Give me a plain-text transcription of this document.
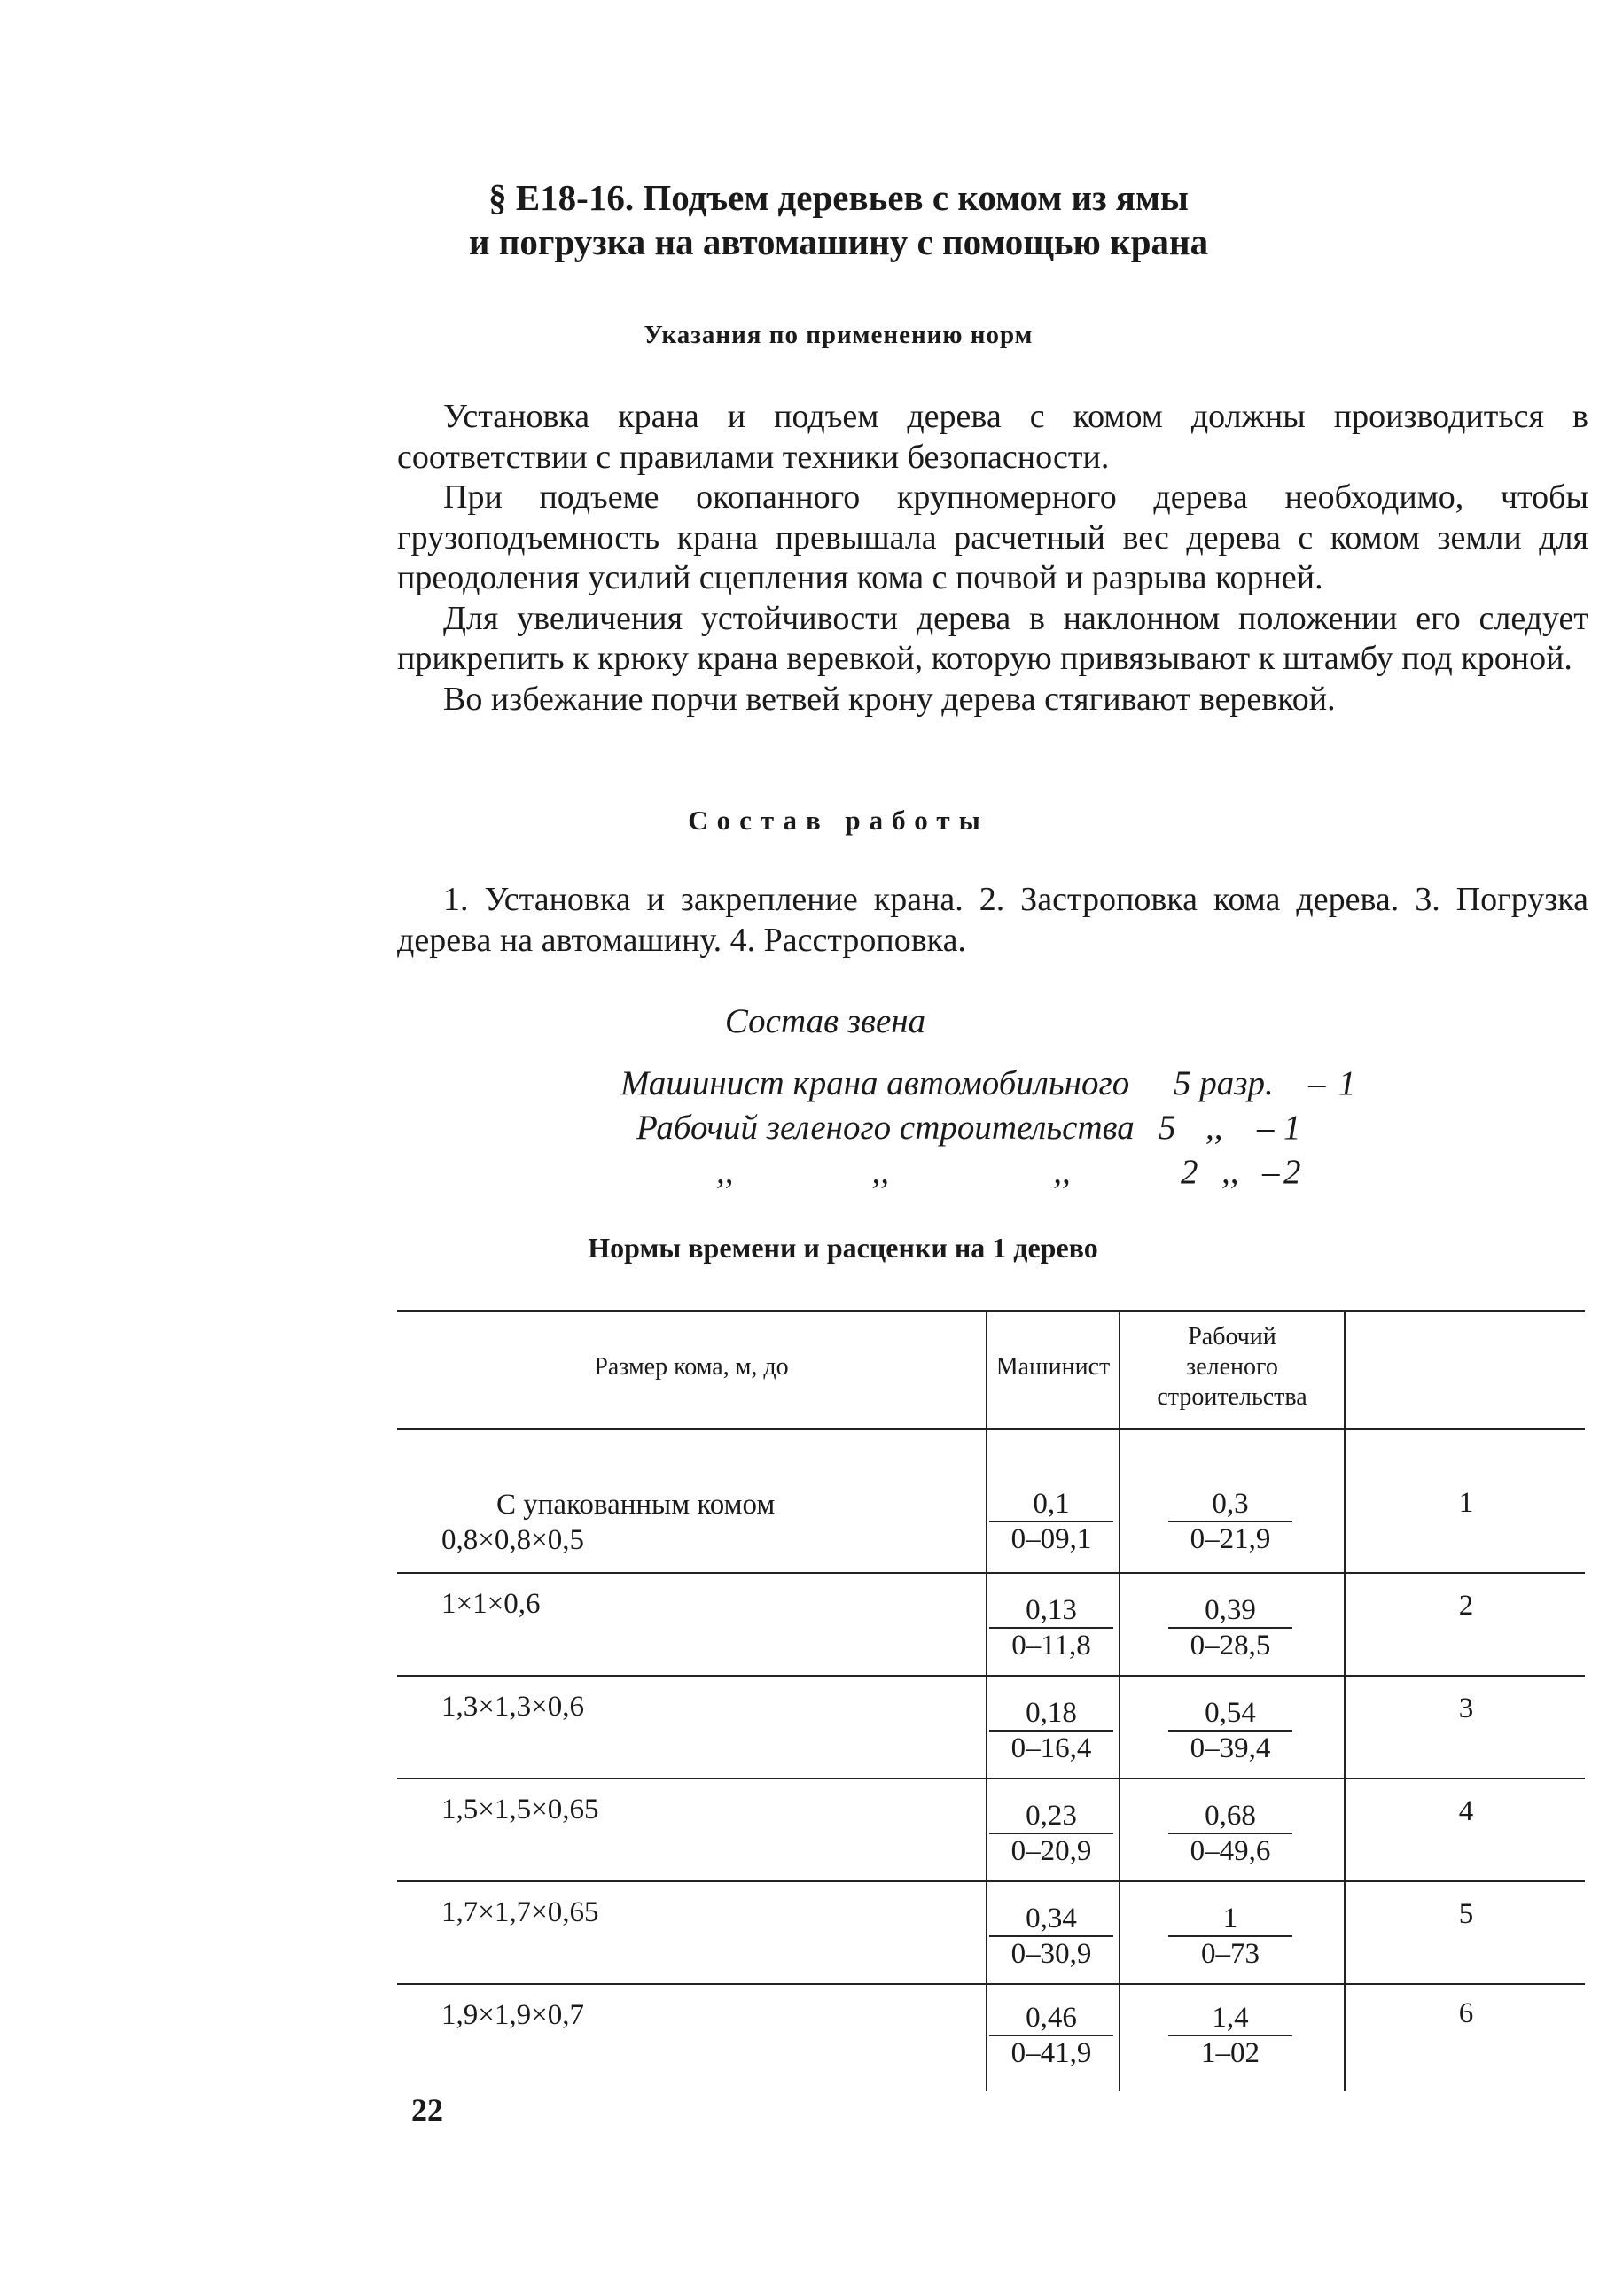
§ E18-16. Подъем деревьев с комом из ямы
и погрузка на автомашину с помощью крана
Указания по применению норм

Установка крана и подъем дерева с комом должны производиться в соответствии с правилами техники безопасности.

При подъеме окопанного крупномерного дерева необходимо, чтобы грузоподъемность крана превышала расчетный вес дерева с комом земли для преодоления усилий сцепления кома с почвой и разрыва корней.

Для увеличения устойчивости дерева в наклонном положении его следует прикрепить к крюку крана веревкой, которую привязывают к штамбу под кроной.

Во избежание порчи ветвей крону дерева стягивают веревкой.

Состав работы

1. Установка и закрепление крана. 2. Застроповка кома дерева. 3. Погрузка дерева на автомашину. 4. Расстроповка.

Состав звена
Машинист крана автомобильного 5 разр. – 1
Рабочий зеленого строительства 5 ,, – 1
,,                ,,                   ,,	2 ,, – 2
Нормы времени и расценки на 1 дерево
Размер кома, м, до	Машинист
Рабочий
зеленого
строительства
С упакованным комом
0,8×0,8×0,5	$\frac{0,1}{0-09,1} \frac{0,3}{0-21,9}$	1
1×1×0,6	$\frac{0,13}{0-11,8} \frac{0,39}{0-28,5}$	2
1,3×1,3×0,6	$\frac{0,18}{0-16,4} \frac{0,54}{0-39,4}$	3
1,5×1,5×0,65	$\frac{0,23}{0-20,9} \frac{0,68}{0-49,6}$	4
1,7×1,7×0,65	$\frac{0,34}{0-30,9} \frac{1}{0-73}$	5
1,9×1,9×0,7	$\frac{0,46}{0-41,9} \frac{1,4}{1-02}$	6
22
